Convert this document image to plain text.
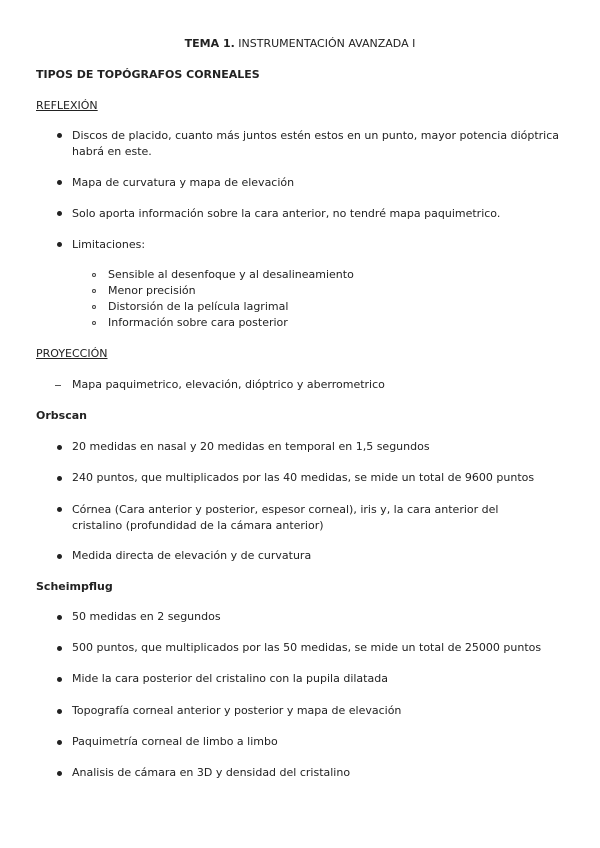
TEMA 1. INSTRUMENTACIÓN AVANZADA I
TIPOS DE TOPÓGRAFOS CORNEALES
REFLEXIÓN
Discos de placido, cuanto más juntos estén estos en un punto, mayor potencia dióptrica habrá en este.
Mapa de curvatura y mapa de elevación
Solo aporta información sobre la cara anterior, no tendré mapa paquimetrico.
Limitaciones:
Sensible al desenfoque y al desalineamiento
Menor precisión
Distorsión de la película lagrimal
Información sobre cara posterior
PROYECCIÓN
Mapa paquimetrico, elevación, dióptrico y aberrometrico
Orbscan
20 medidas en nasal y 20 medidas en temporal en 1,5 segundos
240 puntos, que multiplicados por las 40 medidas, se mide un total de 9600 puntos
Córnea (Cara anterior y posterior, espesor corneal), iris y, la cara anterior del cristalino (profundidad de la cámara anterior)
Medida directa de elevación y de curvatura
Scheimpflug
50 medidas en 2 segundos
500 puntos, que multiplicados por las 50 medidas, se mide un total de 25000 puntos
Mide la cara posterior del cristalino con la pupila dilatada
Topografía corneal anterior y posterior y mapa de elevación
Paquimetría corneal de limbo a limbo
Analisis de cámara en 3D y densidad del cristalino
